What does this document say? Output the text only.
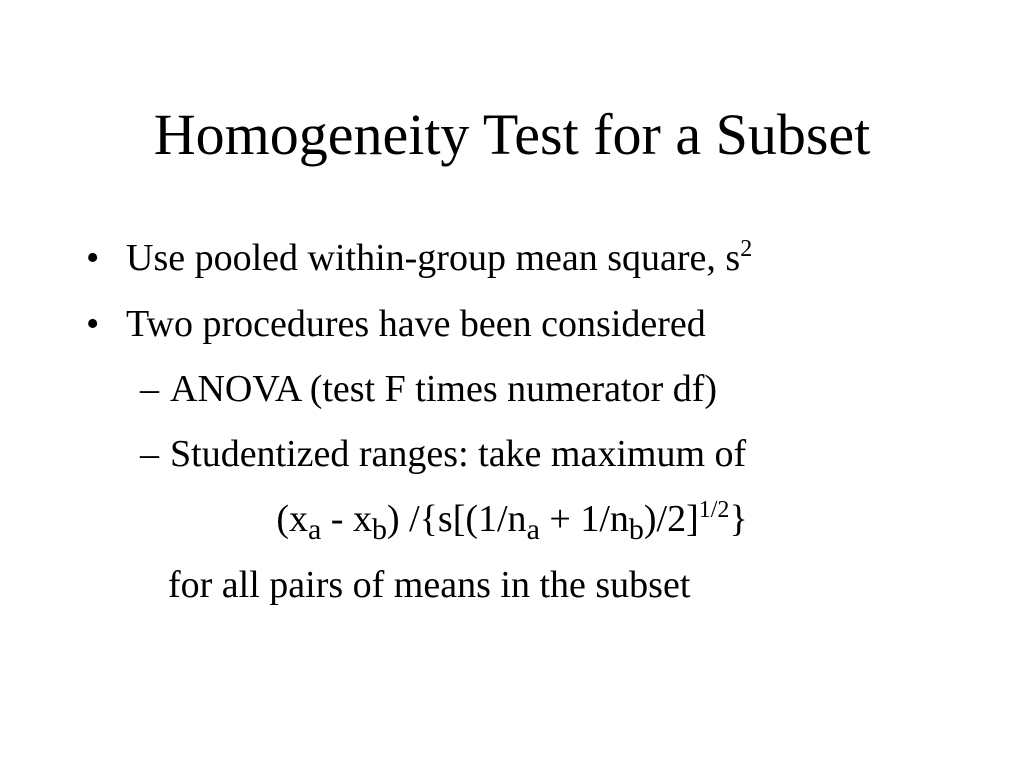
Homogeneity Test for a Subset
• Use pooled within-group mean square, $s^2$
• Two procedures have been considered
– ANOVA (test F times numerator df)
– Studentized ranges: take maximum of
$(x_a - x_b) /\{s[(1/n_a + 1/n_b)/2]^{1/2}\}$
for all pairs of means in the subset
